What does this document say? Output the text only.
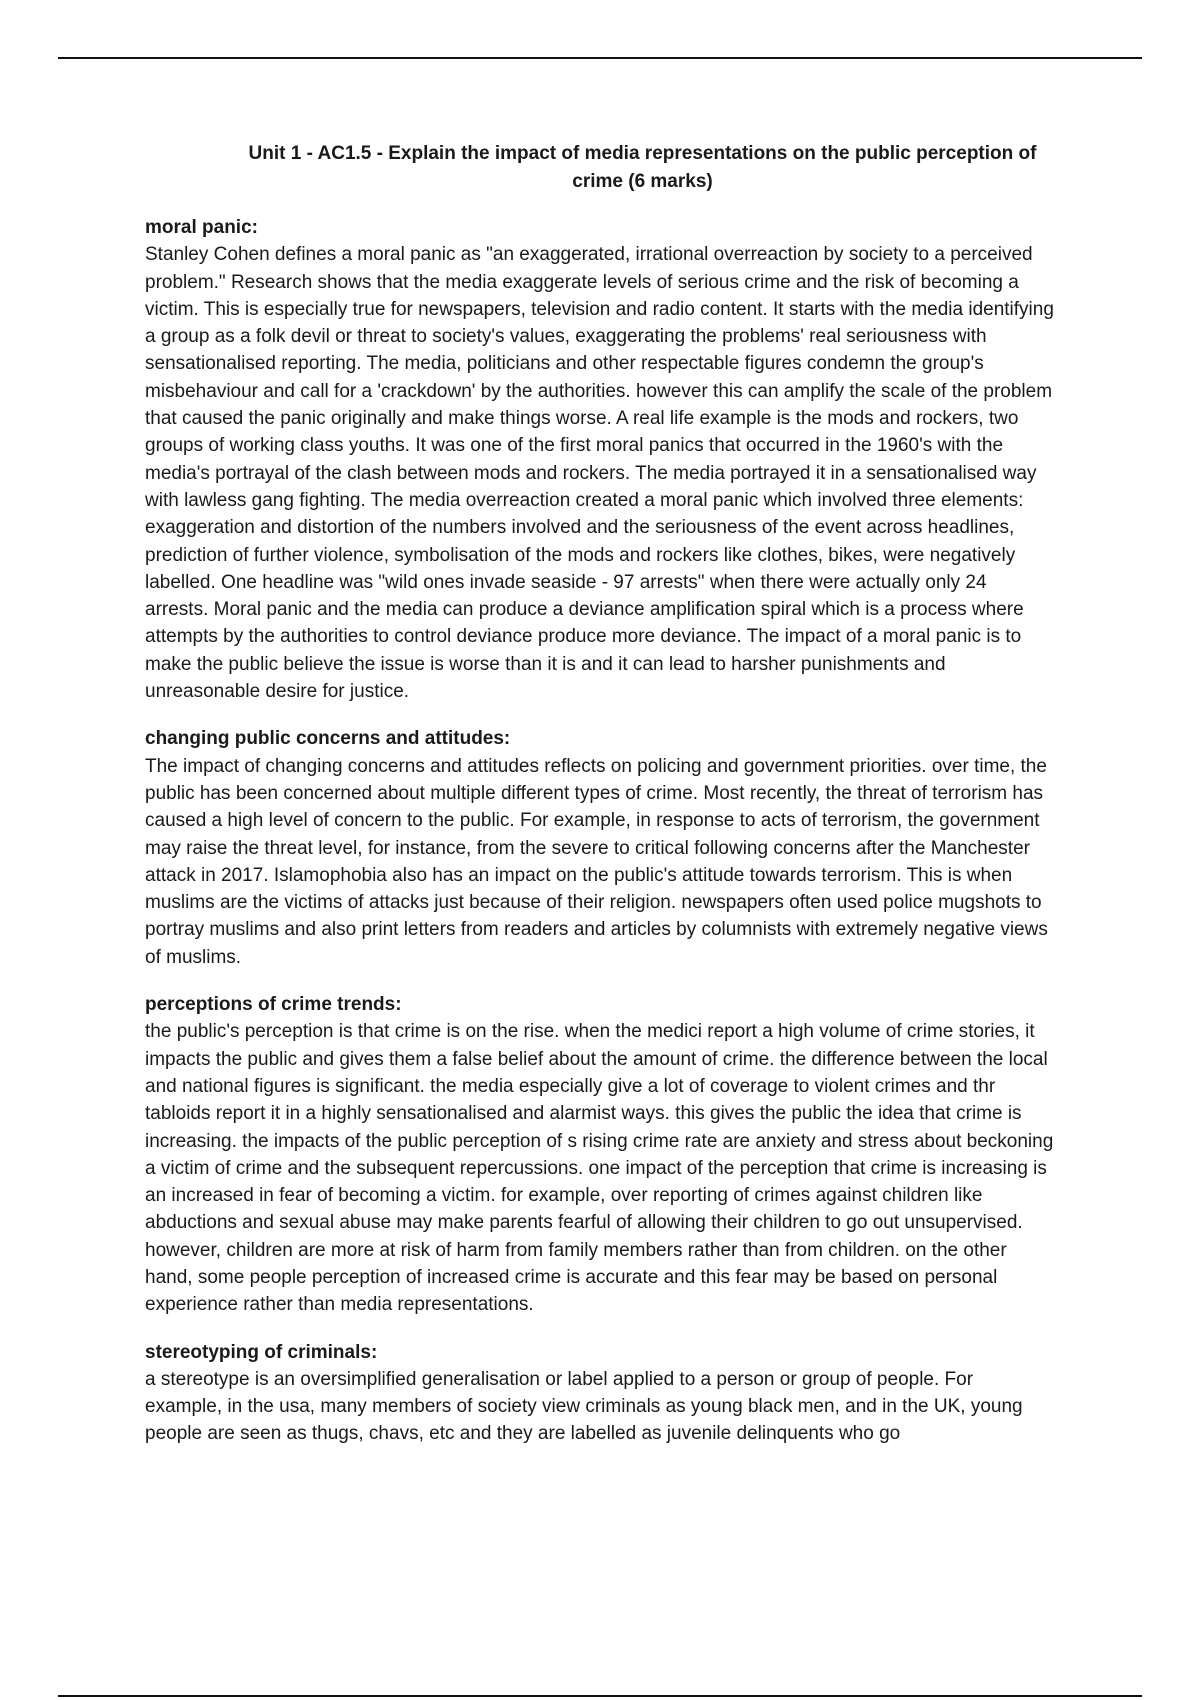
Unit 1 - AC1.5 - Explain the impact of media representations on the public perception of crime (6 marks)

moral panic:

Stanley Cohen defines a moral panic as "an exaggerated, irrational overreaction by society to a perceived problem." Research shows that the media exaggerate levels of serious crime and the risk of becoming a victim. This is especially true for newspapers, television and radio content. It starts with the media identifying a group as a folk devil or threat to society's values, exaggerating the problems' real seriousness with sensationalised reporting. The media, politicians and other respectable figures condemn the group's misbehaviour and call for a 'crackdown' by the authorities. however this can amplify the scale of the problem that caused the panic originally and make things worse. A real life example is the mods and rockers, two groups of working class youths. It was one of the first moral panics that occurred in the 1960's with the media's portrayal of the clash between mods and rockers. The media portrayed it in a sensationalised way with lawless gang fighting. The media overreaction created a moral panic which involved three elements: exaggeration and distortion of the numbers involved and the seriousness of the event across headlines, prediction of further violence, symbolisation of the mods and rockers like clothes, bikes, were negatively labelled. One headline was "wild ones invade seaside - 97 arrests" when there were actually only 24 arrests. Moral panic and the media can produce a deviance amplification spiral which is a process where attempts by the authorities to control deviance produce more deviance. The impact of a moral panic is to make the public believe the issue is worse than it is and it can lead to harsher punishments and unreasonable desire for justice.

changing public concerns and attitudes:

The impact of changing concerns and attitudes reflects on policing and government priorities. over time, the public has been concerned about multiple different types of crime. Most recently, the threat of terrorism has caused a high level of concern to the public. For example, in response to acts of terrorism, the government may raise the threat level, for instance, from the severe to critical following concerns after the Manchester attack in 2017. Islamophobia also has an impact on the public's attitude towards terrorism. This is when muslims are the victims of attacks just because of their religion. newspapers often used police mugshots to portray muslims and also print letters from readers and articles by columnists with extremely negative views of muslims.

perceptions of crime trends:

the public's perception is that crime is on the rise. when the medici report a high volume of crime stories, it impacts the public and gives them a false belief about the amount of crime. the difference between the local and national figures is significant. the media especially give a lot of coverage to violent crimes and thr tabloids report it in a highly sensationalised and alarmist ways. this gives the public the idea that crime is increasing. the impacts of the public perception of s rising crime rate are anxiety and stress about beckoning a victim of crime and the subsequent repercussions. one impact of the perception that crime is increasing is an increased in fear of becoming a victim. for example, over reporting of crimes against children like abductions and sexual abuse may make parents fearful of allowing their children to go out unsupervised. however, children are more at risk of harm from family members rather than from children. on the other hand, some people perception of increased crime is accurate and this fear may be based on personal experience rather than media representations.

stereotyping of criminals:

a stereotype is an oversimplified generalisation or label applied to a person or group of people. For example, in the usa, many members of society view criminals as young black men, and in the UK, young people are seen as thugs, chavs, etc and they are labelled as juvenile delinquents who go
